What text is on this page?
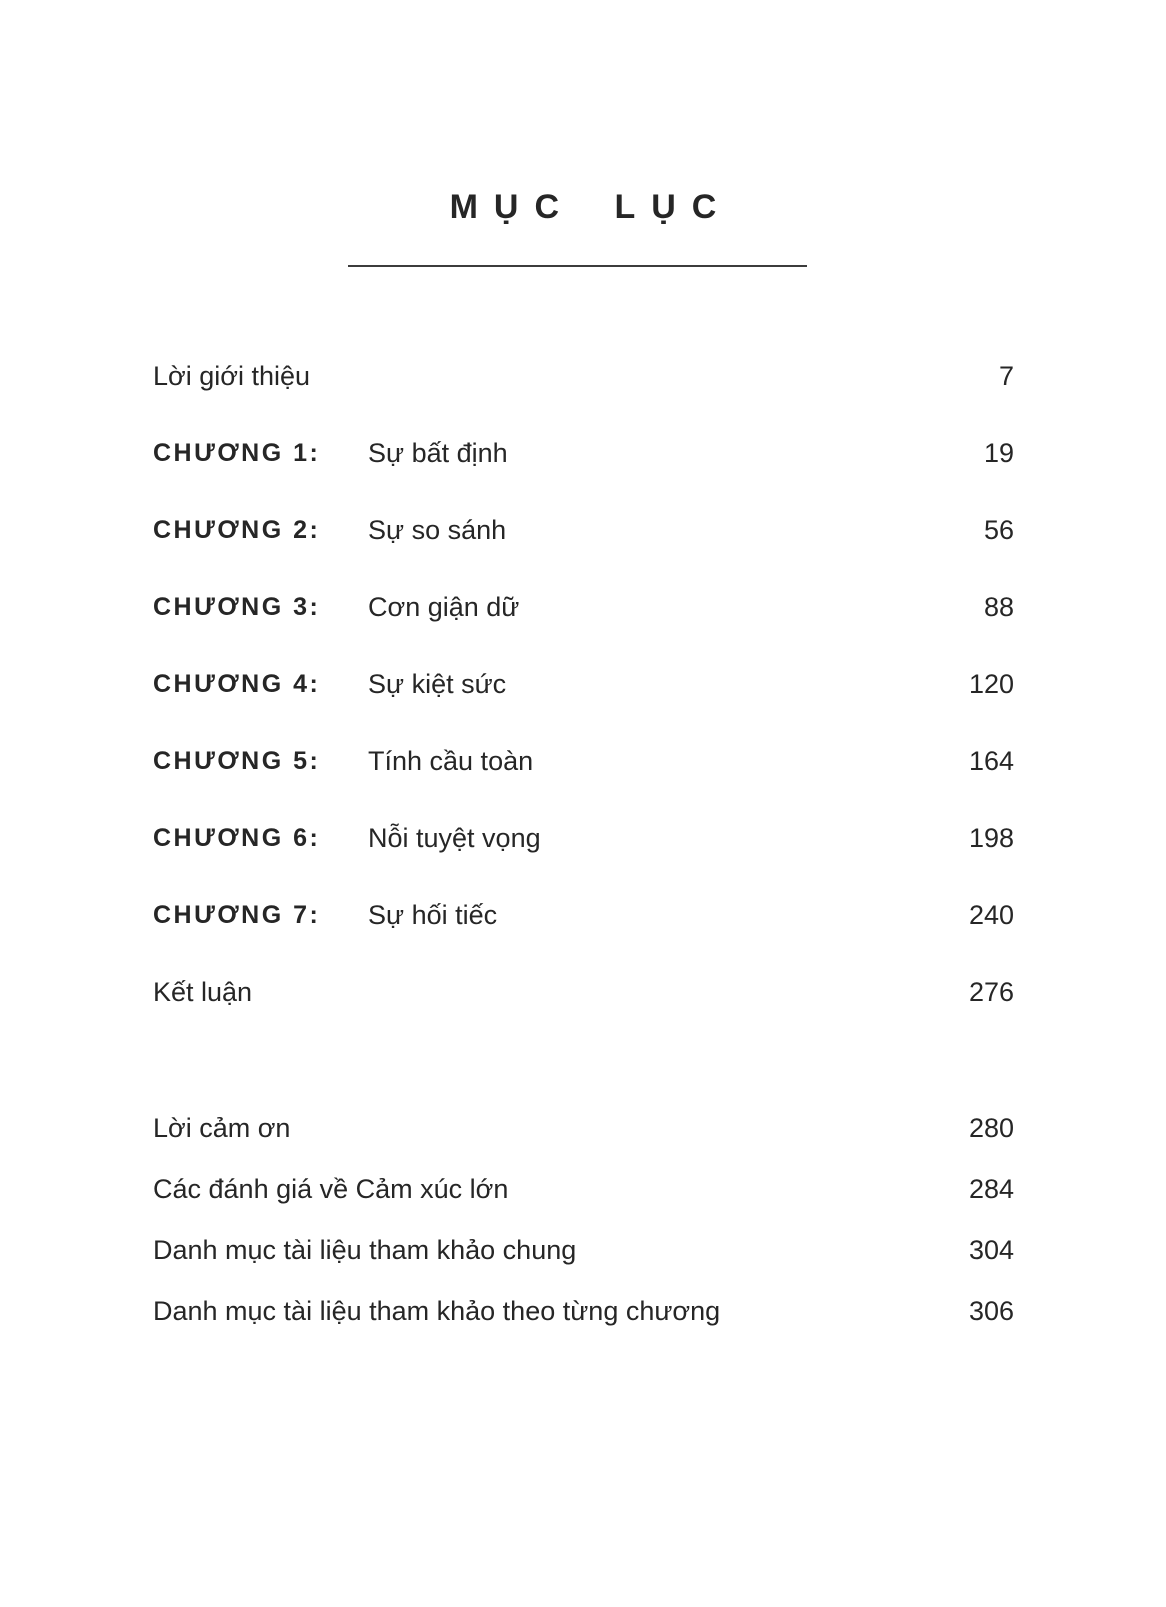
MỤC LỤC
Lời giới thiệu	7
CHƯƠNG 1:	Sự bất định	19
CHƯƠNG 2:	Sự so sánh	56
CHƯƠNG 3:	Cơn giận dữ	88
CHƯƠNG 4:	Sự kiệt sức	120
CHƯƠNG 5:	Tính cầu toàn	164
CHƯƠNG 6:	Nỗi tuyệt vọng	198
CHƯƠNG 7:	Sự hối tiếc	240
Kết luận	276
Lời cảm ơn	280
Các đánh giá về Cảm xúc lớn	284
Danh mục tài liệu tham khảo chung	304
Danh mục tài liệu tham khảo theo từng chương	306
